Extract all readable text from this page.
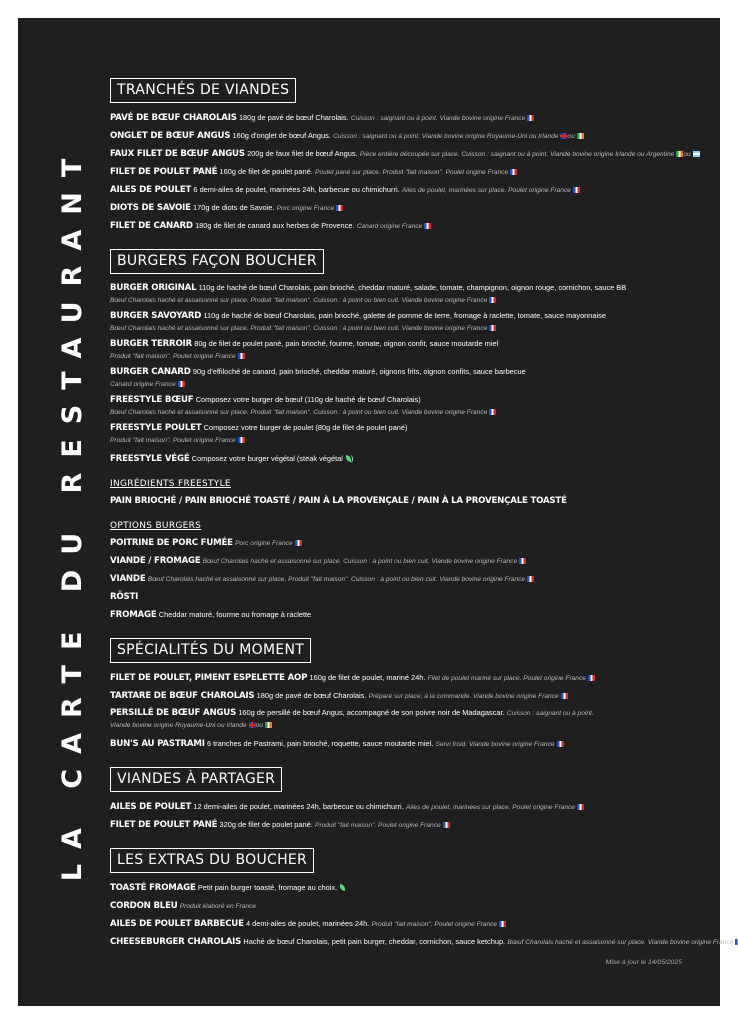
LA CARTE DU RESTAURANT
TRANCHÉS DE VIANDES
PAVÉ DE BŒUF CHAROLAIS 180g de pavé de bœuf Charolais. Cuisson : saignant ou à point. Viande bovine origine France
ONGLET DE BŒUF ANGUS 160g d'onglet de bœuf Angus. Cuisson : saignant ou à point. Viande bovine origine Royaume-Uni ou Irlande ou
FAUX FILET DE BŒUF ANGUS 200g de faux filet de bœuf Angus. Pièce entière découpée sur place. Cuisson : saignant ou à point. Viande bovine origine Irlande ou Argentine ou
FILET DE POULET PANÉ 160g de filet de poulet pané. Poulet pané sur place. Produit "fait maison". Poulet origine France
AILES DE POULET 6 demi-ailes de poulet, marinées 24h, barbecue ou chimichurri. Ailes de poulet, marinées sur place. Poulet origine France
DIOTS DE SAVOIE 170g de diots de Savoie. Porc origine France
FILET DE CANARD 180g de filet de canard aux herbes de Provence. Canard origine France
BURGERS FAÇON BOUCHER
BURGER ORIGINAL 110g de haché de bœuf Charolais, pain brioché, cheddar maturé, salade, tomate, champignon, oignon rouge, cornichon, sauce BB
Bœuf Charolais haché et assaisonné sur place. Produit "fait maison". Cuisson : à point ou bien cuit. Viande bovine origine France
BURGER SAVOYARD 110g de haché de bœuf Charolais, pain brioché, galette de pomme de terre, fromage à raclette, tomate, sauce mayonnaise
Bœuf Charolais haché et assaisonné sur place. Produit "fait maison". Cuisson : à point ou bien cuit. Viande bovine origine France
BURGER TERROIR 80g de filet de poulet pané, pain brioché, fourme, tomate, oignon confit, sauce moutarde miel
Produit "fait maison". Poulet origine France
BURGER CANARD 90g d'effiloché de canard, pain brioché, cheddar maturé, oignons frits, oignon confits, sauce barbecue
Canard origine France
FREESTYLE BŒUF Composez votre burger de bœuf (110g de haché de bœuf Charolais)
Bœuf Charolais haché et assaisonné sur place. Produit "fait maison". Cuisson : à point ou bien cuit. Viande bovine origine France
FREESTYLE POULET Composez votre burger de poulet (80g de filet de poulet pané)
Produit "fait maison". Poulet origine France
FREESTYLE VÉGÉ Composez votre burger végétal (steak végétal )
INGRÉDIENTS FREESTYLE
PAIN BRIOCHÉ / PAIN BRIOCHÉ TOASTÉ / PAIN À LA PROVENÇALE / PAIN À LA PROVENÇALE TOASTÉ
OPTIONS BURGERS
POITRINE DE PORC FUMÉE Porc origine France
VIANDE / FROMAGE Bœuf Charolais haché et assaisonné sur place. Cuisson : à point ou bien cuit. Viande bovine origine France
VIANDE Bœuf Charolais haché et assaisonné sur place. Produit "fait maison". Cuisson : à point ou bien cuit. Viande bovine origine France
RÖSTI
FROMAGE Cheddar maturé, fourme ou fromage à raclette
SPÉCIALITÉS DU MOMENT
FILET DE POULET, PIMENT ESPELETTE AOP 160g de filet de poulet, mariné 24h. Filet de poulet mariné sur place. Poulet origine France
TARTARE DE BŒUF CHAROLAIS 180g de pavé de bœuf Charolais. Préparé sur place, à la commande. Viande bovine origine France
PERSILLÉ DE BŒUF ANGUS 160g de persillé de bœuf Angus, accompagné de son poivre noir de Madagascar. Cuisson : saignant ou à point.
Viande bovine origine Royaume-Uni ou Irlande ou
BUN'S AU PASTRAMI 6 tranches de Pastrami, pain brioché, roquette, sauce moutarde miel. Servi froid. Viande bovine origine France
VIANDES À PARTAGER
AILES DE POULET 12 demi-ailes de poulet, marinées 24h, barbecue ou chimichurri. Ailes de poulet, marinées sur place. Poulet origine France
FILET DE POULET PANÉ 320g de filet de poulet pané. Produit "fait maison". Poulet origine France
LES EXTRAS DU BOUCHER
TOASTÉ FROMAGE Petit pain burger toasté, fromage au choix.
CORDON BLEU Produit élaboré en France
AILES DE POULET BARBECUE 4 demi-ailes de poulet, marinées 24h. Produit "fait maison". Poulet origine France
CHEESEBURGER CHAROLAIS Haché de bœuf Charolais, petit pain burger, cheddar, cornichon, sauce ketchup. Bœuf Charolais haché et assaisonné sur place. Viande bovine origine France
Mise à jour le 14/05/2025
